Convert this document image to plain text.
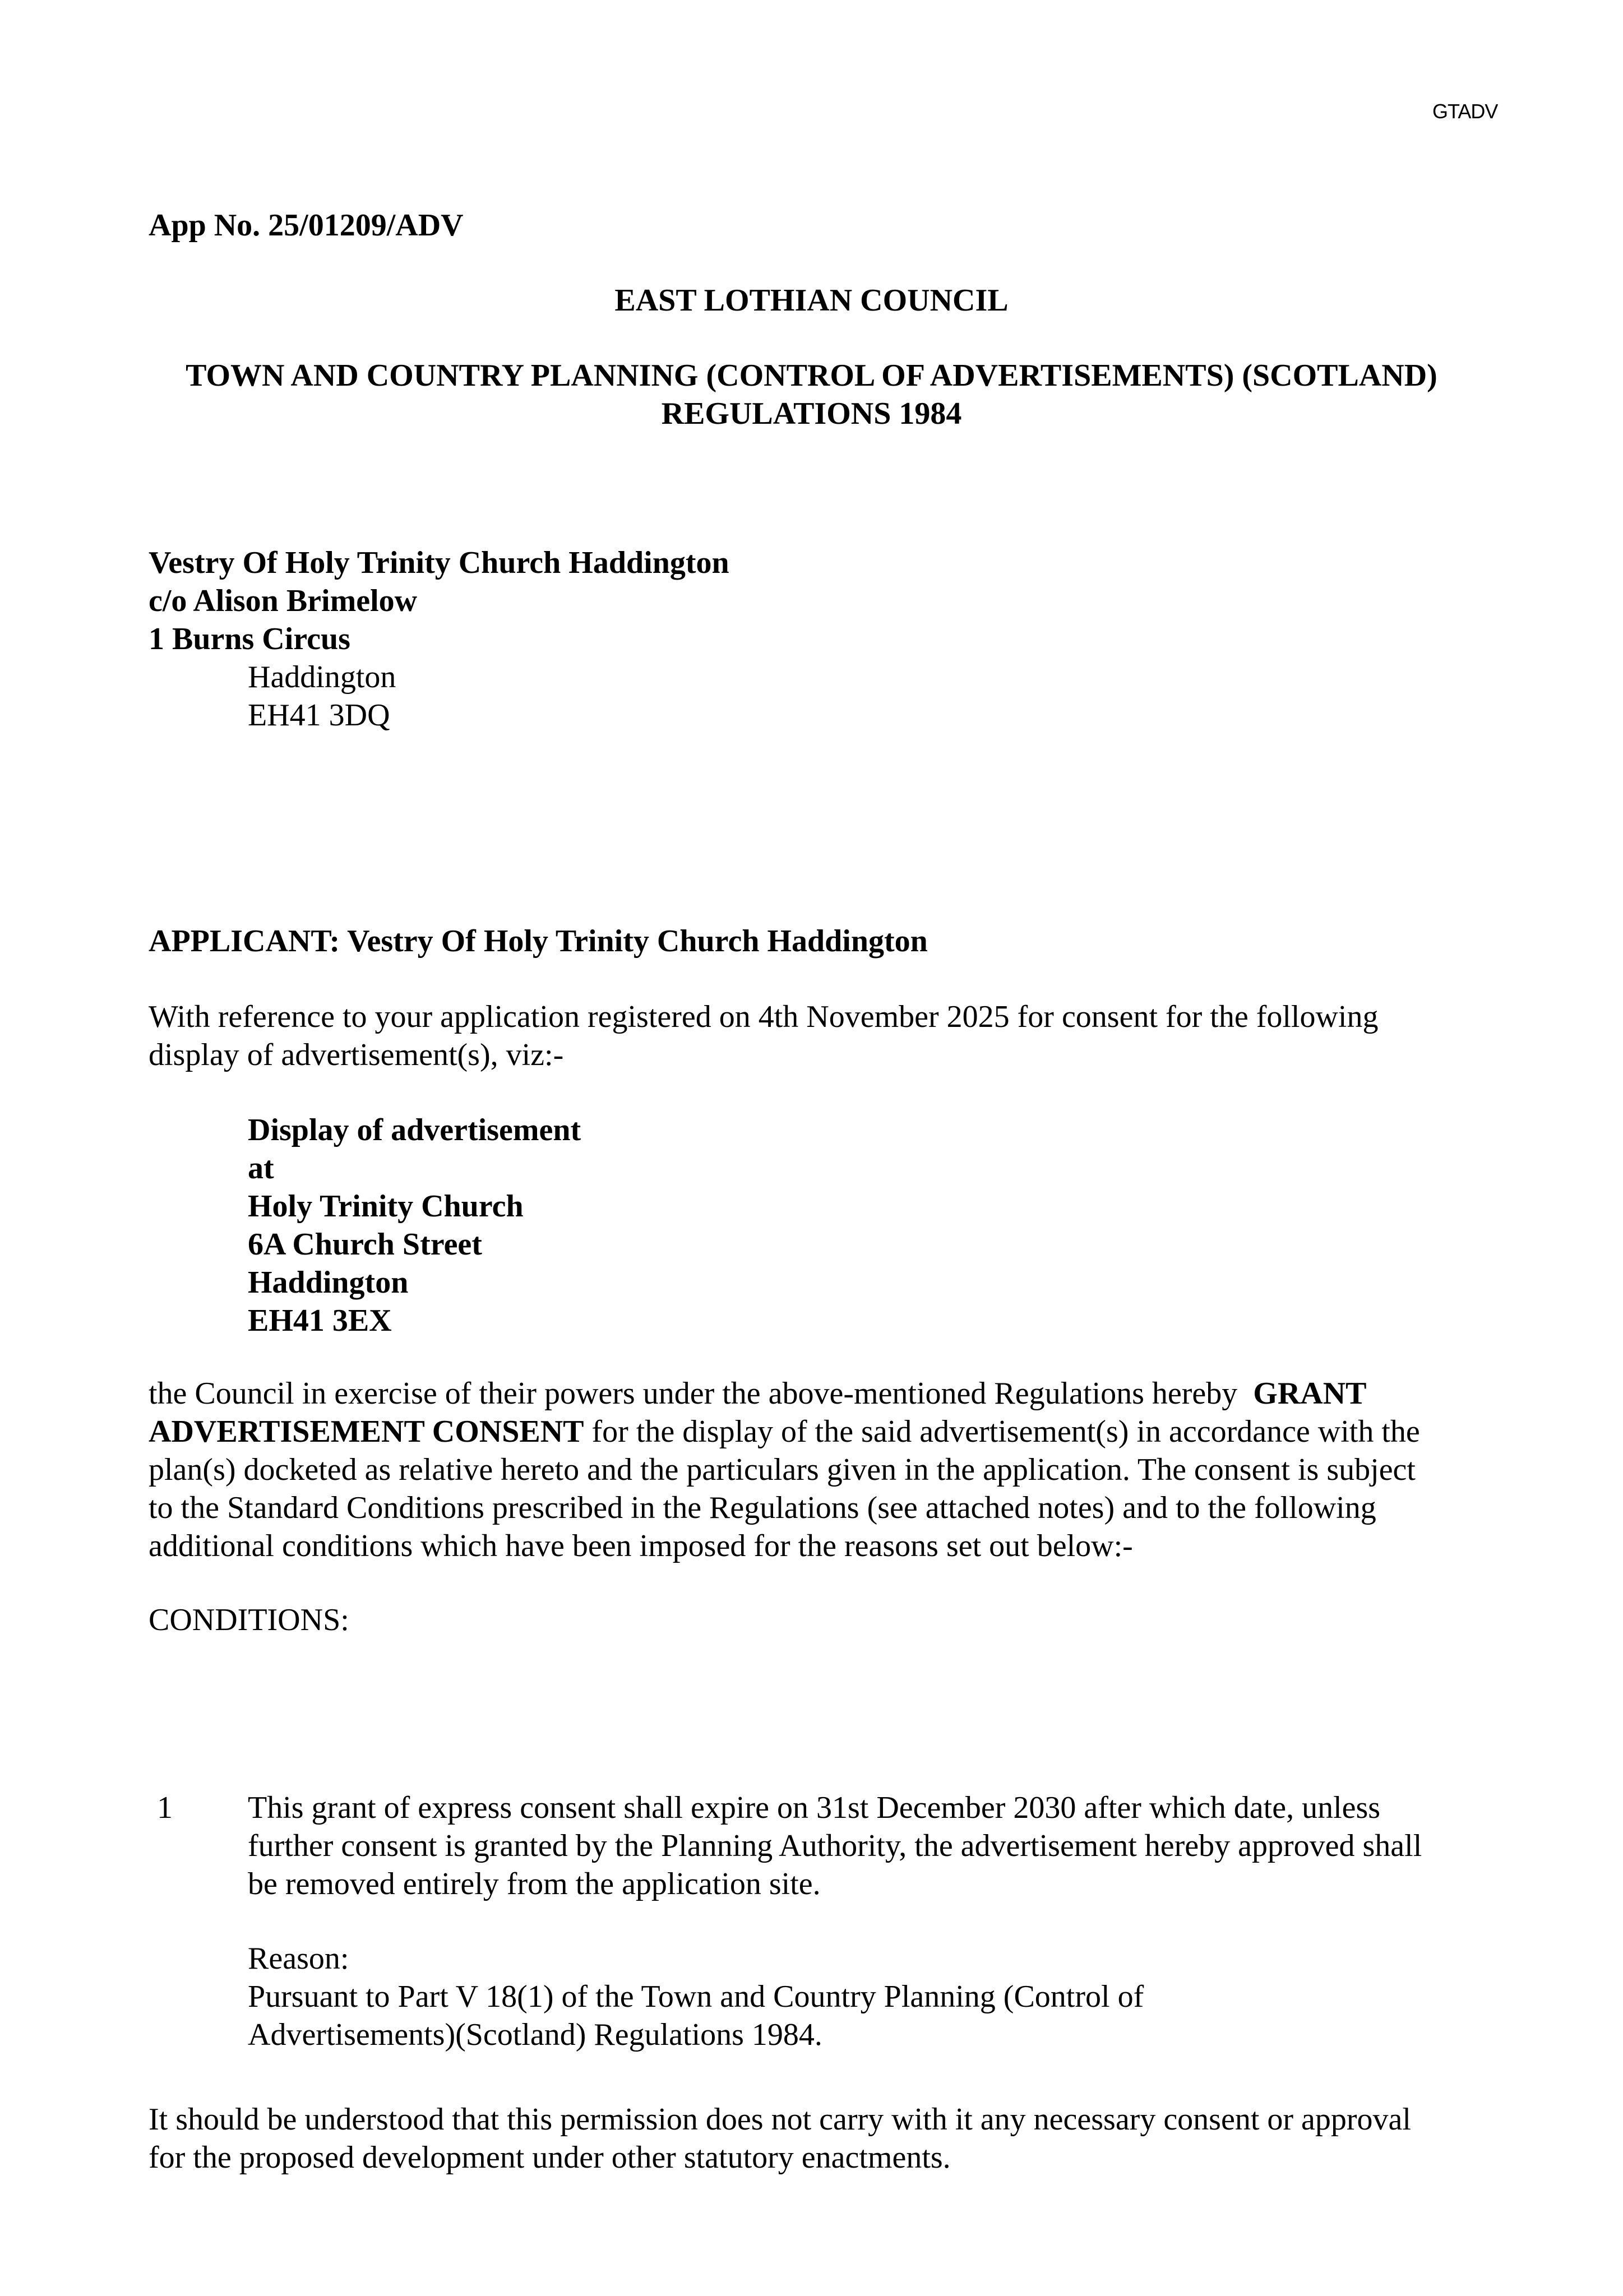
GTADV
App No. 25/01209/ADV
EAST LOTHIAN COUNCIL
TOWN AND COUNTRY PLANNING (CONTROL OF ADVERTISEMENTS) (SCOTLAND)
REGULATIONS 1984
Vestry Of Holy Trinity Church Haddington
c/o Alison Brimelow
1 Burns Circus
Haddington
EH41 3DQ
APPLICANT: Vestry Of Holy Trinity Church Haddington
With reference to your application registered on 4th November 2025 for consent for the following
display of advertisement(s), viz:-
Display of advertisement
at
Holy Trinity Church
6A Church Street
Haddington
EH41 3EX
the Council in exercise of their powers under the above-mentioned Regulations hereby GRANT
ADVERTISEMENT CONSENT for the display of the said advertisement(s) in accordance with the
plan(s) docketed as relative hereto and the particulars given in the application. The consent is subject
to the Standard Conditions prescribed in the Regulations (see attached notes) and to the following
additional conditions which have been imposed for the reasons set out below:-
CONDITIONS:
1 This grant of express consent shall expire on 31st December 2030 after which date, unless
further consent is granted by the Planning Authority, the advertisement hereby approved shall
be removed entirely from the application site.
Reason:
Pursuant to Part V 18(1) of the Town and Country Planning (Control of
Advertisements)(Scotland) Regulations 1984.
It should be understood that this permission does not carry with it any necessary consent or approval
for the proposed development under other statutory enactments.
